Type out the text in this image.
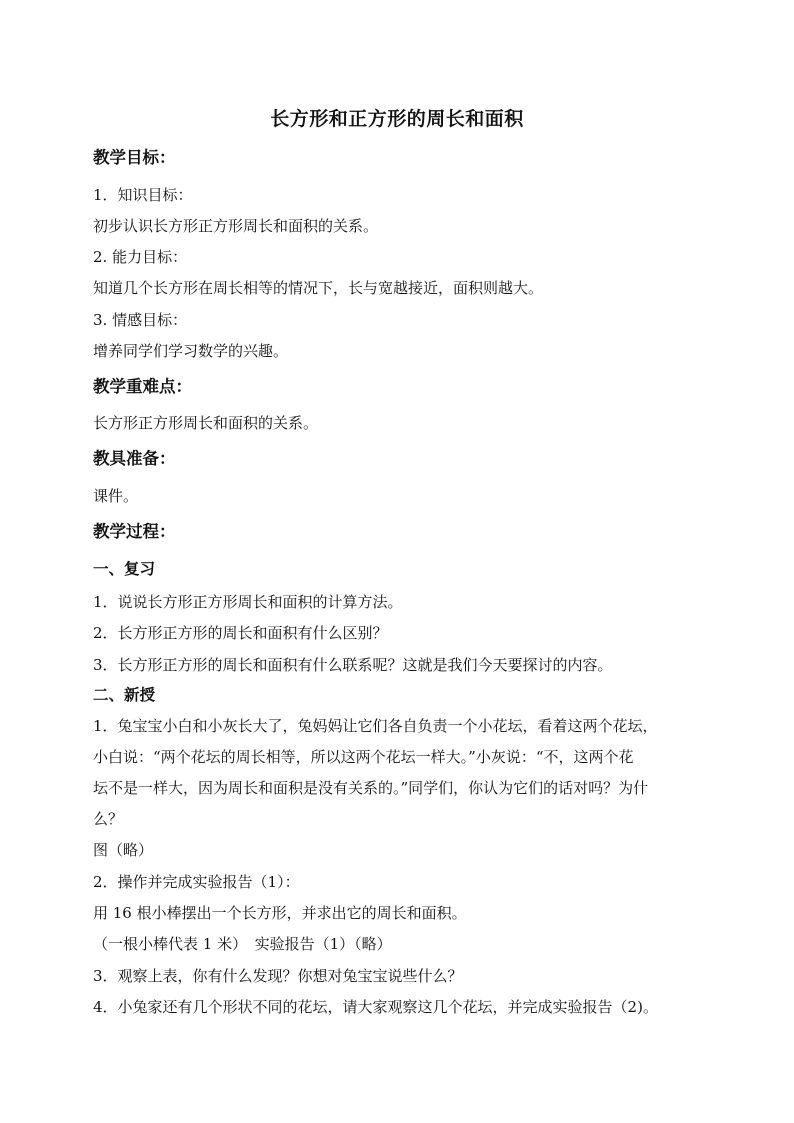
长方形和正方形的周长和面积
教学目标：
1．知识目标：
初步认识长方形正方形周长和面积的关系。
2. 能力目标：
知道几个长方形在周长相等的情况下，长与宽越接近，面积则越大。
3. 情感目标：
增养同学们学习数学的兴趣。
教学重难点：
长方形正方形周长和面积的关系。
教具准备：
课件。
教学过程：
一、复习
1．说说长方形正方形周长和面积的计算方法。
2．长方形正方形的周长和面积有什么区别？
3．长方形正方形的周长和面积有什么联系呢？这就是我们今天要探讨的内容。
二、新授
1．兔宝宝小白和小灰长大了，兔妈妈让它们各自负责一个小花坛，看着这两个花坛，
小白说：“两个花坛的周长相等，所以这两个花坛一样大。”小灰说：“不，这两个花
坛不是一样大，因为周长和面积是没有关系的。”同学们，你认为它们的话对吗？为什
么？
图（略）
2．操作并完成实验报告（1）：
用 16 根小棒摆出一个长方形，并求出它的周长和面积。
（一根小棒代表 1 米）　实验报告（1）（略）
3．观察上表，你有什么发现？你想对兔宝宝说些什么？
4．小兔家还有几个形状不同的花坛，请大家观察这几个花坛，并完成实验报告（2)。
